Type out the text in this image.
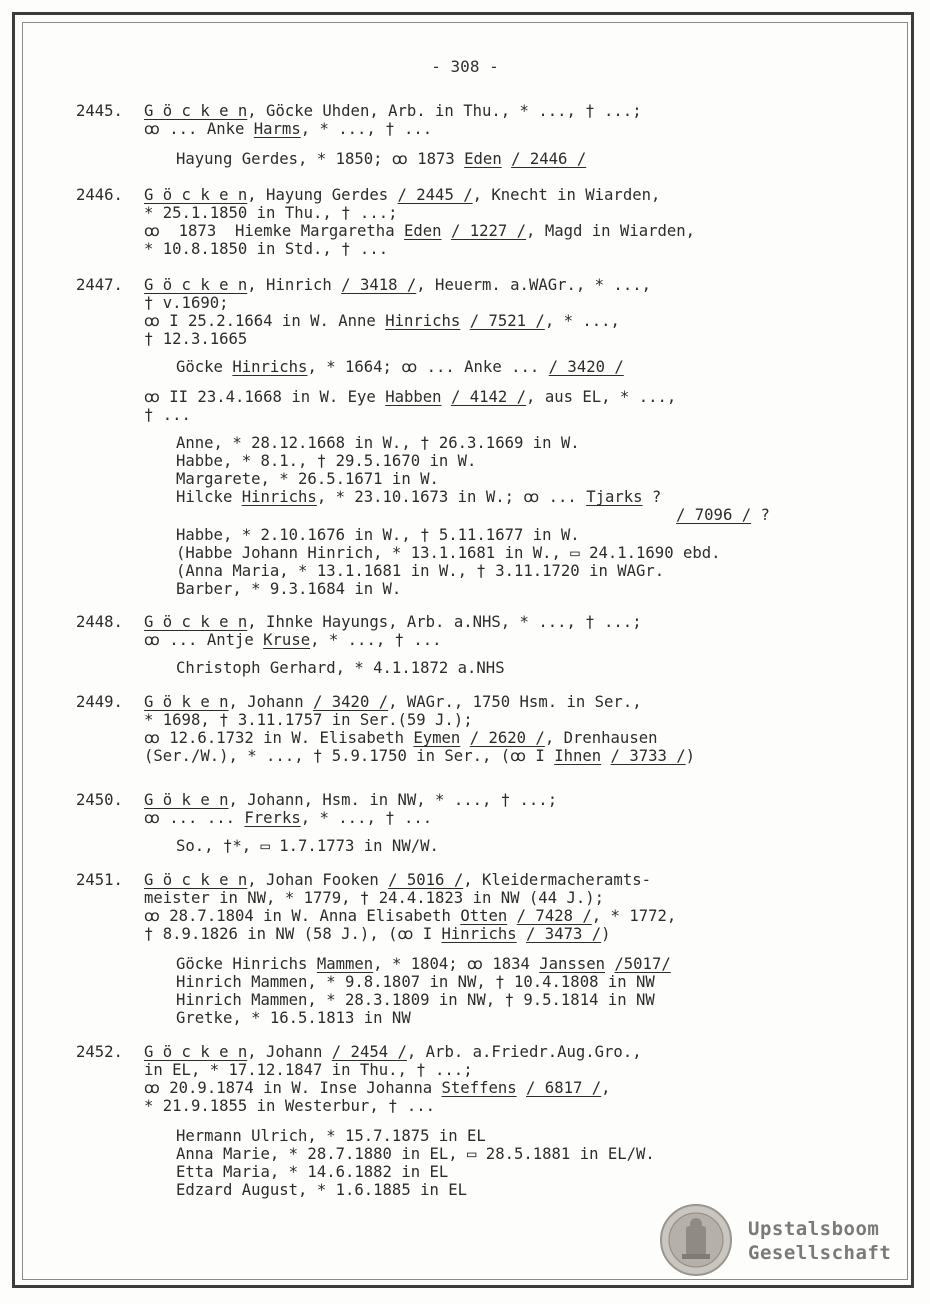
- 308 -
2445. G ö c k e n, Göcke Uhden, Arb. in Thu., * ..., † ...;
ꝏ ... Anke Harms, * ..., † ...
Hayung Gerdes, * 1850; ꝏ 1873 Eden / 2446 /
2446. G ö c k e n, Hayung Gerdes / 2445 /, Knecht in Wiarden,
* 25.1.1850 in Thu., † ...;
ꝏ  1873  Hiemke Margaretha Eden / 1227 /, Magd in Wiarden,
* 10.8.1850 in Std., † ...
2447. G ö c k e n, Hinrich / 3418 /, Heuerm. a.WAGr., * ...,
† v.1690;
ꝏ I 25.2.1664 in W. Anne Hinrichs / 7521 /, * ...,
† 12.3.1665
Göcke Hinrichs, * 1664; ꝏ ... Anke ... / 3420 /
ꝏ II 23.4.1668 in W. Eye Habben / 4142 /, aus EL, * ...,
† ...
Anne, * 28.12.1668 in W., † 26.3.1669 in W.
Habbe, * 8.1., † 29.5.1670 in W.
Margarete, * 26.5.1671 in W.
Hilcke Hinrichs, * 23.10.1673 in W.; ꝏ ... Tjarks ?
/ 7096 / ?
Habbe, * 2.10.1676 in W., † 5.11.1677 in W.
(Habbe Johann Hinrich, * 13.1.1681 in W., ▭ 24.1.1690 ebd.
(Anna Maria, * 13.1.1681 in W., † 3.11.1720 in WAGr.
Barber, * 9.3.1684 in W.
2448. G ö c k e n, Ihnke Hayungs, Arb. a.NHS, * ..., † ...;
ꝏ ... Antje Kruse, * ..., † ...
Christoph Gerhard, * 4.1.1872 a.NHS
2449. G ö k e n, Johann / 3420 /, WAGr., 1750 Hsm. in Ser.,
* 1698, † 3.11.1757 in Ser.(59 J.);
ꝏ 12.6.1732 in W. Elisabeth Eymen / 2620 /, Drenhausen
(Ser./W.), * ..., † 5.9.1750 in Ser., (ꝏ I Ihnen / 3733 /)
2450. G ö k e n, Johann, Hsm. in NW, * ..., † ...;
ꝏ ... ... Frerks, * ..., † ...
So., †*, ▭ 1.7.1773 in NW/W.
2451. G ö c k e n, Johan Fooken / 5016 /, Kleidermacheramts-
meister in NW, * 1779, † 24.4.1823 in NW (44 J.);
ꝏ 28.7.1804 in W. Anna Elisabeth Otten / 7428 /, * 1772,
† 8.9.1826 in NW (58 J.), (ꝏ I Hinrichs / 3473 /)
Göcke Hinrichs Mammen, * 1804; ꝏ 1834 Janssen /5017/
Hinrich Mammen, * 9.8.1807 in NW, † 10.4.1808 in NW
Hinrich Mammen, * 28.3.1809 in NW, † 9.5.1814 in NW
Gretke, * 16.5.1813 in NW
2452. G ö c k e n, Johann / 2454 /, Arb. a.Friedr.Aug.Gro.,
in EL, * 17.12.1847 in Thu., † ...;
ꝏ 20.9.1874 in W. Inse Johanna Steffens / 6817 /,
* 21.9.1855 in Westerbur, † ...
Hermann Ulrich, * 15.7.1875 in EL
Anna Marie, * 28.7.1880 in EL, ▭ 28.5.1881 in EL/W.
Etta Maria, * 14.6.1882 in EL
Edzard August, * 1.6.1885 in EL
Upstalsboom
Gesellschaft
